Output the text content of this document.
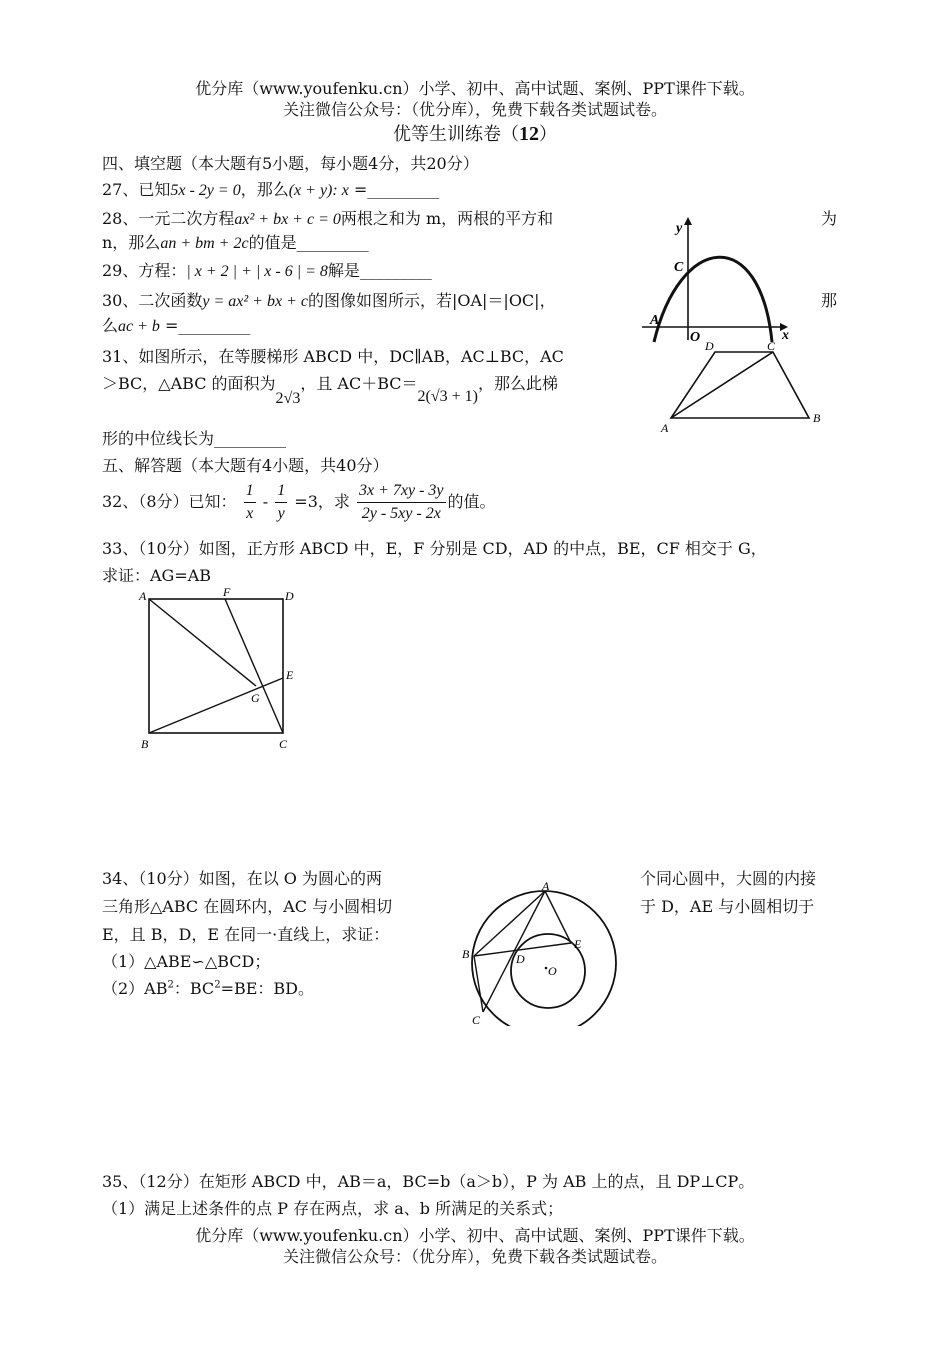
优分库（www.youfenku.cn）小学、初中、高中试题、案例、PPT课件下载。
关注微信公众号：（优分库），免费下载各类试题试卷。
优等生训练卷（12）
四、填空题（本大题有5小题，每小题4分，共20分）
27、已知5x - 2y = 0，那么(x + y): x =_________
28、一元二次方程ax² + bx + c = 0两根之和为 m，两根的平方和	为
n，那么an + bm + 2c的值是_________
29、方程：| x + 2 | + | x - 6 | = 8解是_________
30、二次函数y = ax² + bx + c的图像如图所示，若|OA|＝|OC|，	那
么ac + b =_________
31、如图所示，在等腰梯形 ABCD 中，DC∥AB，AC⊥BC，AC
＞BC，△ABC 的面积为2√3，且 AC＋BC＝2(√3 + 1)，那么此梯
形的中位线长为_________
五、解答题（本大题有4小题，共40分）
32、（8分）已知： $\frac{1}{x} - \frac{1}{y} =3$，求 $\frac{3x + 7xy - 3y}{2y - 5xy - 2x}$ 的值。
33、（10分）如图，正方形 ABCD 中，E，F 分别是 CD，AD 的中点，BE，CF 相交于 G，
求证：AG=AB
34、（10分）如图，在以 O 为圆心的两	个同心圆中，大圆的内接
三角形△ABC 在圆环内，AC 与小圆相切	于 D，AE 与小圆相切于
E，且 B，D，E 在同一·直线上，求证：
（1）△ABE∽△BCD；
$(2)AB^2$：$BC^2=BE$：BD。
35、（12分）在矩形 ABCD 中，AB＝a，BC=b（a＞b），P 为 AB 上的点，且 DP⊥CP。
（1）满足上述条件的点 P 存在两点，求 a、b 所满足的关系式；
优分库（www.youfenku.cn）小学、初中、高中试题、案例、PPT课件下载。
关注微信公众号：（优分库），免费下载各类试题试卷。
y
C
A
O	x
D	C
A
B
A	F	D
E
G
B	C
A
E
B	D
O
C
